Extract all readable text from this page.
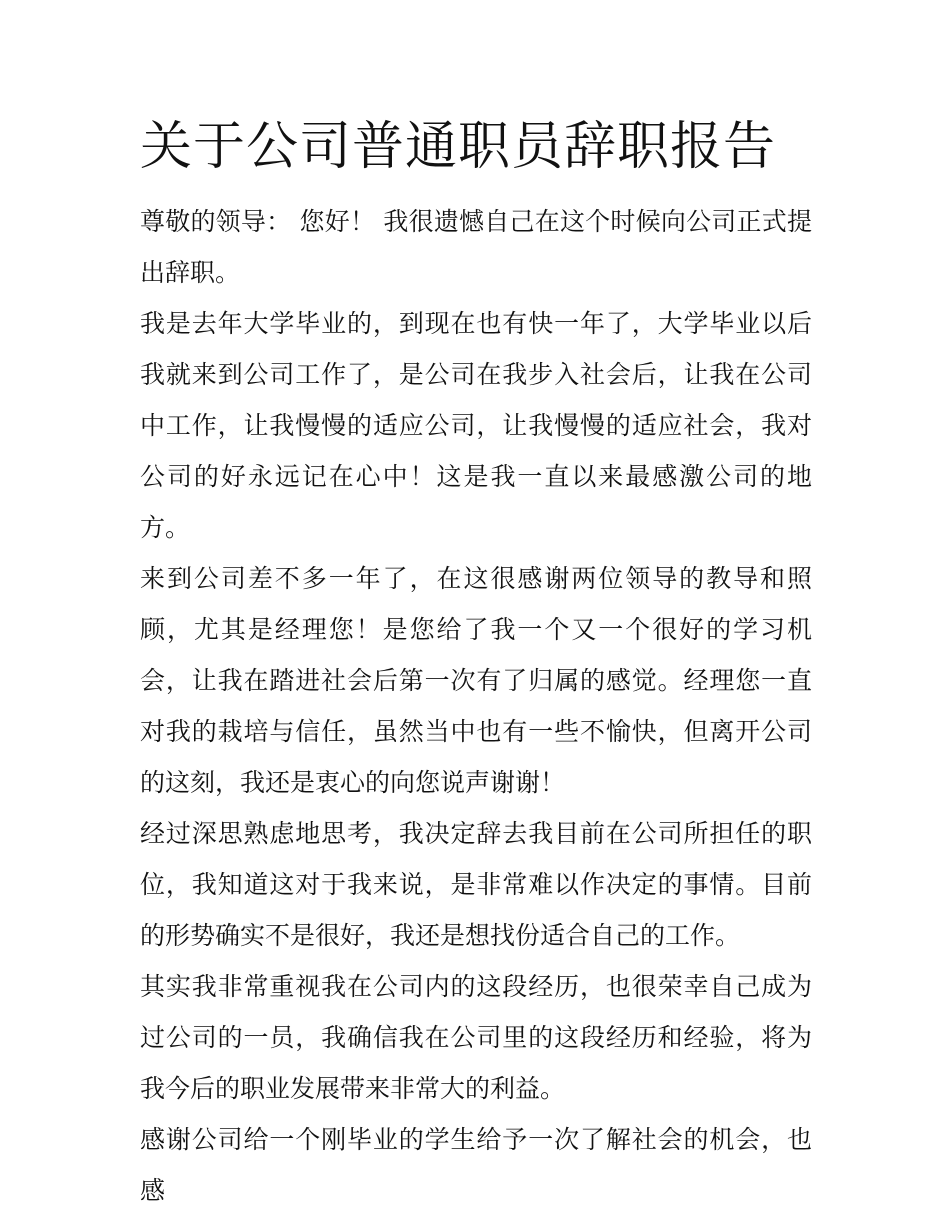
关于公司普通职员辞职报告

尊敬的领导： 您好！ 我很遗憾自己在这个时候向公司正式提出辞职。

我是去年大学毕业的，到现在也有快一年了，大学毕业以后我就来到公司工作了，是公司在我步入社会后，让我在公司中工作，让我慢慢的适应公司，让我慢慢的适应社会，我对公司的好永远记在心中！这是我一直以来最感激公司的地方。

来到公司差不多一年了，在这很感谢两位领导的教导和照顾，尤其是经理您！是您给了我一个又一个很好的学习机会，让我在踏进社会后第一次有了归属的感觉。经理您一直对我的栽培与信任，虽然当中也有一些不愉快，但离开公司的这刻，我还是衷心的向您说声谢谢！

经过深思熟虑地思考，我决定辞去我目前在公司所担任的职位，我知道这对于我来说，是非常难以作决定的事情。目前的形势确实不是很好，我还是想找份适合自己的工作。

其实我非常重视我在公司内的这段经历，也很荣幸自己成为过公司的一员，我确信我在公司里的这段经历和经验，将为我今后的职业发展带来非常大的利益。

感谢公司给一个刚毕业的学生给予一次了解社会的机会，也感
